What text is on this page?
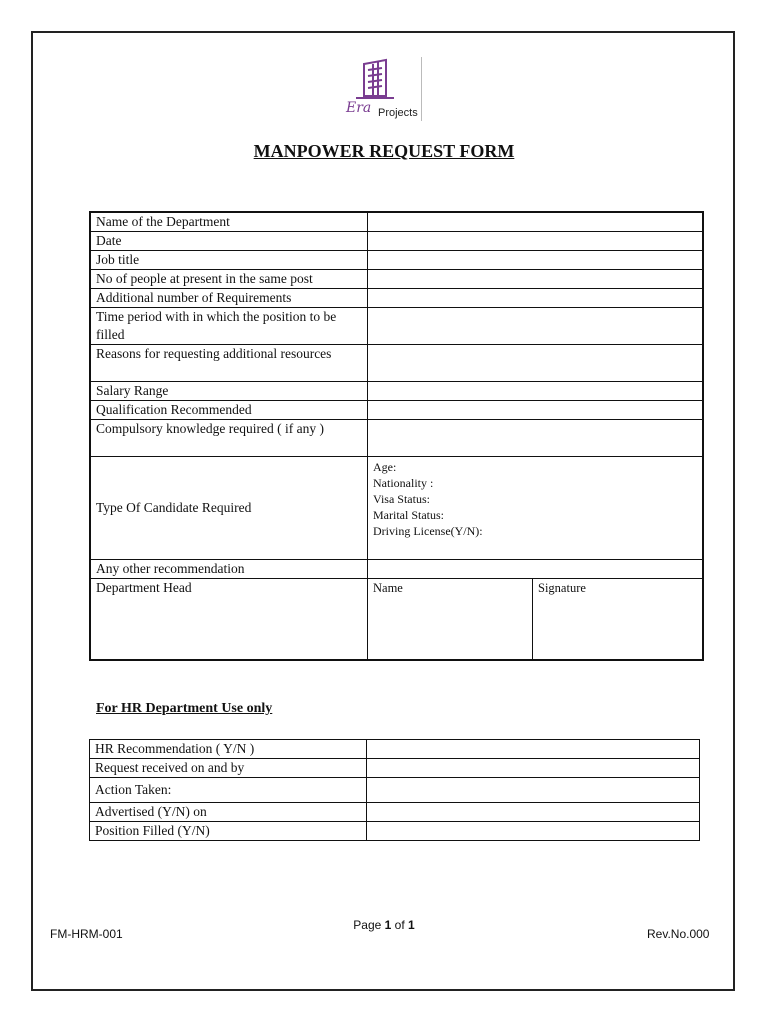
Era Projects
MANPOWER REQUEST FORM
Name of the Department		
Date		
Job title		
No of people at present in the same post		
Additional number of Requirements		
Time period with in which the position to be filled		
Reasons for requesting additional resources		
Salary Range		
Qualification Recommended		
Compulsory knowledge required ( if any )		
Type Of Candidate Required	Age:
Nationality :
Visa Status:
Marital Status:
Driving License(Y/N):	

Any other recommendation		
Department Head	Name	Signature
For HR Department Use only
HR Recommendation ( Y/N )	
Request received on and by	
Action Taken:	
Advertised (Y/N) on	
Position Filled (Y/N)	
FM-HRM-001
Page 1 of 1
Rev.No.000
